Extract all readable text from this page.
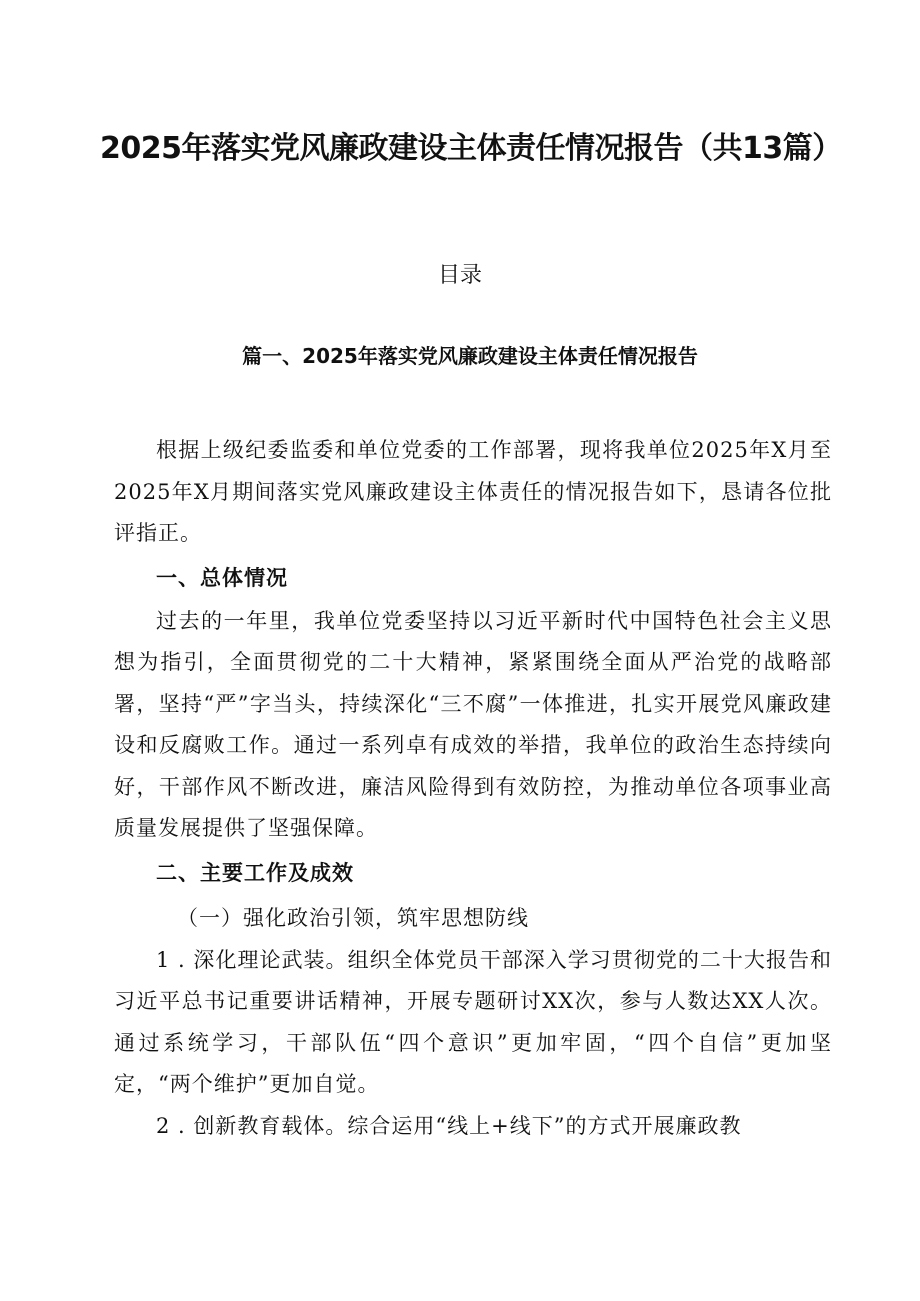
2025年落实党风廉政建设主体责任情况报告（共13篇）
目录
篇一、2025年落实党风廉政建设主体责任情况报告

根据上级纪委监委和单位党委的工作部署，现将我单位2025年X月至2025年X月期间落实党风廉政建设主体责任的情况报告如下，恳请各位批评指正。

一、总体情况

过去的一年里，我单位党委坚持以习近平新时代中国特色社会主义思想为指引，全面贯彻党的二十大精神，紧紧围绕全面从严治党的战略部署，坚持“严”字当头，持续深化“三不腐”一体推进，扎实开展党风廉政建设和反腐败工作。通过一系列卓有成效的举措，我单位的政治生态持续向好，干部作风不断改进，廉洁风险得到有效防控，为推动单位各项事业高质量发展提供了坚强保障。

二、主要工作及成效
（一）强化政治引领，筑牢思想防线

1 . 深化理论武装。组织全体党员干部深入学习贯彻党的二十大报告和习近平总书记重要讲话精神，开展专题研讨XX次，参与人数达XX人次。通过系统学习，干部队伍“四个意识”更加牢固，“四个自信”更加坚定，“两个维护”更加自觉。

2 . 创新教育载体。综合运用“线上+线下”的方式开展廉政教
